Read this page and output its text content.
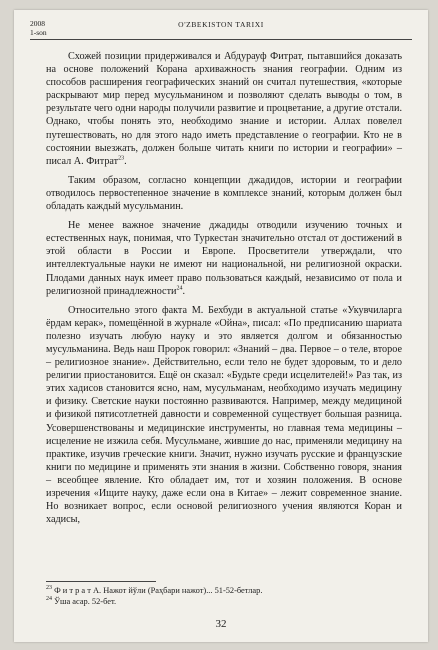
2008
1-son
O'ZBEKISTON TARIXI

Схожей позиции придерживался и Абдурауф Фитрат, пытавшийся доказать на основе положений Корана архиважность знания географии. Одним из способов расширения географических знаний он считал путешествия, «которые раскрывают мир перед мусульманином и позволяют сделать выводы о том, в результате чего одни народы получили развитие и процветание, а другие отстали. Однако, чтобы понять это, необходимо знание и истории. Аллах повелел путешествовать, но для этого надо иметь представление о географии. Кто не в состоянии выезжать, должен больше читать книги по истории и географии» – писал А. Фитрат$^{23}$.

Таким образом, согласно концепции джадидов, истории и географии отводилось первостепенное значение в комплексе знаний, которым должен был обладать каждый мусульманин.

Не менее важное значение джадиды отводили изучению точных и естественных наук, понимая, что Туркестан значительно отстал от достижений в этой области в России и Европе. Просветители утверждали, что интеллектуальные науки не имеют ни национальной, ни религиозной окраски. Плодами данных наук имеет право пользоваться каждый, независимо от пола и религиозной принадлежности$^{24}$.

Относительно этого факта М. Бехбуди в актуальной статье «Укувчиларга ёрдам керак», помещённой в журнале «Ойна», писал: «По предписанию шариата полезно изучать любую науку и это является долгом и обязанностью мусульманина. Ведь наш Пророк говорил: «Знаний – два. Первое – о теле, второе – религиозное знание». Действительно, если тело не будет здоровым, то и дело религии приостановится. Ещё он сказал: «Будьте среди исцелителей!» Раз так, из этих хадисов становится ясно, нам, мусульманам, необходимо изучать медицину и физику. Светские науки постоянно развиваются. Например, между медициной и физикой пятисотлетней давности и современной существует большая разница. Усовершенствованы и медицинские инструменты, но главная тема медицины – исцеление не изжила себя. Мусульмане, жившие до нас, применяли медицину на практике, изучив греческие книги. Значит, нужно изучать русские и французские книги по медицине и применять эти знания в жизни. Собственно говоря, знания – всеобщее явление. Кто обладает им, тот и хозяин положения. В основе изречения «Ищите науку, даже если она в Китае» – лежит современное знание. Но возникает вопрос, если основой религиозного учения являются Коран и хадисы,

$^{23}$ Ф и т р а т А. Нажот йўли (Раҳбари нажот)... 51-52-бетлар.
$^{24}$ Ўша асар. 52-бет.
32
